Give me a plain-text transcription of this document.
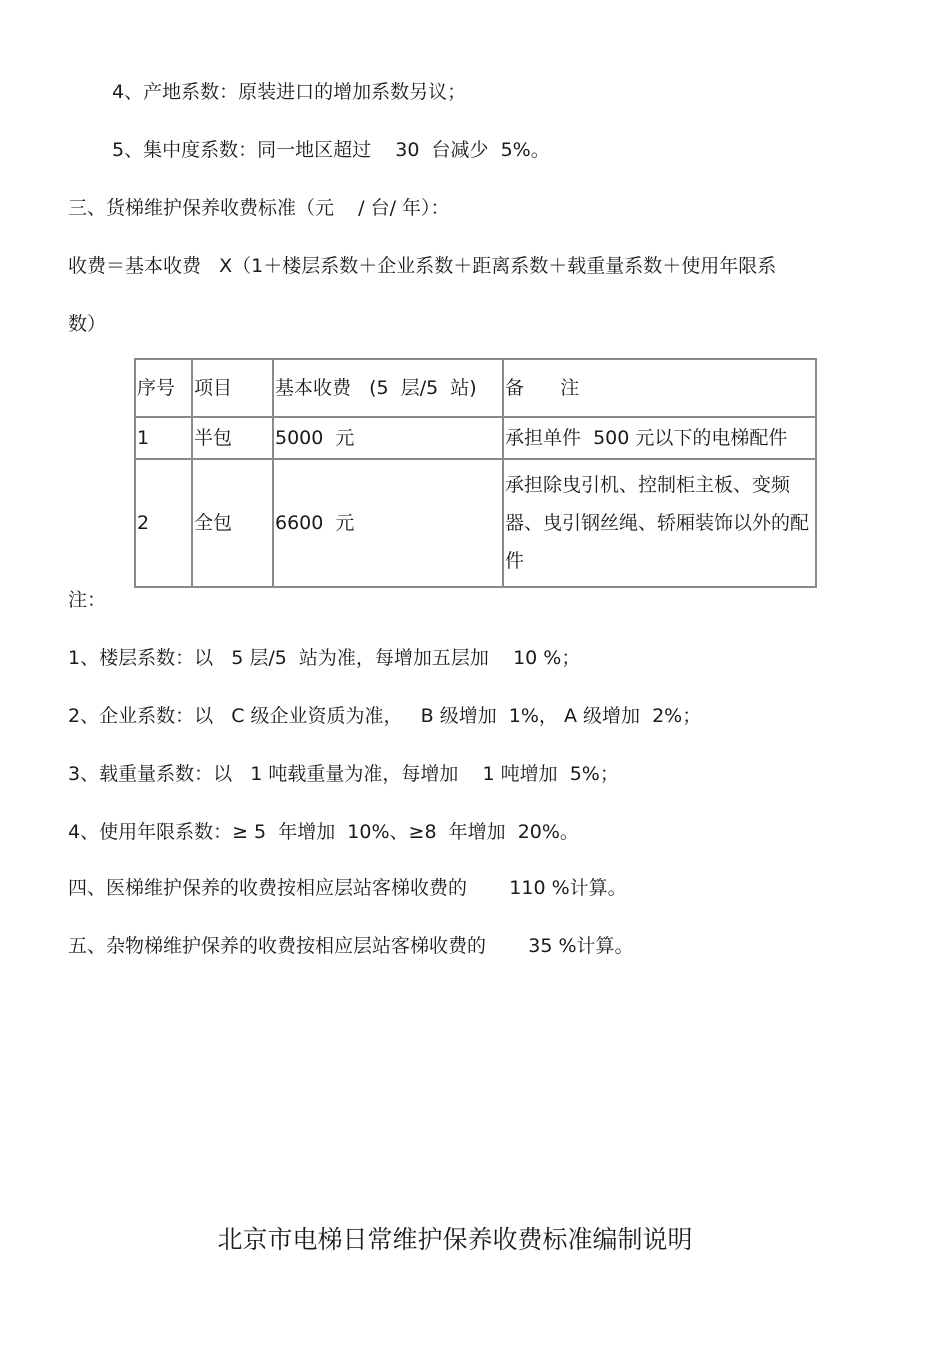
4、产地系数：原装进口的增加系数另议；
5、集中度系数：同一地区超过    30  台减少  5%。
三、货梯维护保养收费标准（元    / 台/ 年）：
收费＝基本收费   X（1＋楼层系数＋企业系数＋距离系数＋载重量系数＋使用年限系
数）
序号	项目	基本收费   (5  层/5  站)	备      注
1	半包	5000  元	承担单件  500 元以下的电梯配件
2	全包	6600  元	承担除曳引机、控制柜主板、变频器、曳引钢丝绳、轿厢装饰以外的配件
注：
1、楼层系数：以   5 层/5  站为准，每增加五层加    10 %；
2、企业系数：以   C 级企业资质为准，   B 级增加  1%， A 级增加  2%；
3、载重量系数：以   1 吨载重量为准，每增加    1 吨增加  5%；
4、使用年限系数：≥ 5  年增加  10%、≥8  年增加  20%。
四、医梯维护保养的收费按相应层站客梯收费的       110 %计算。
五、杂物梯维护保养的收费按相应层站客梯收费的       35 %计算。
北京市电梯日常维护保养收费标准编制说明
